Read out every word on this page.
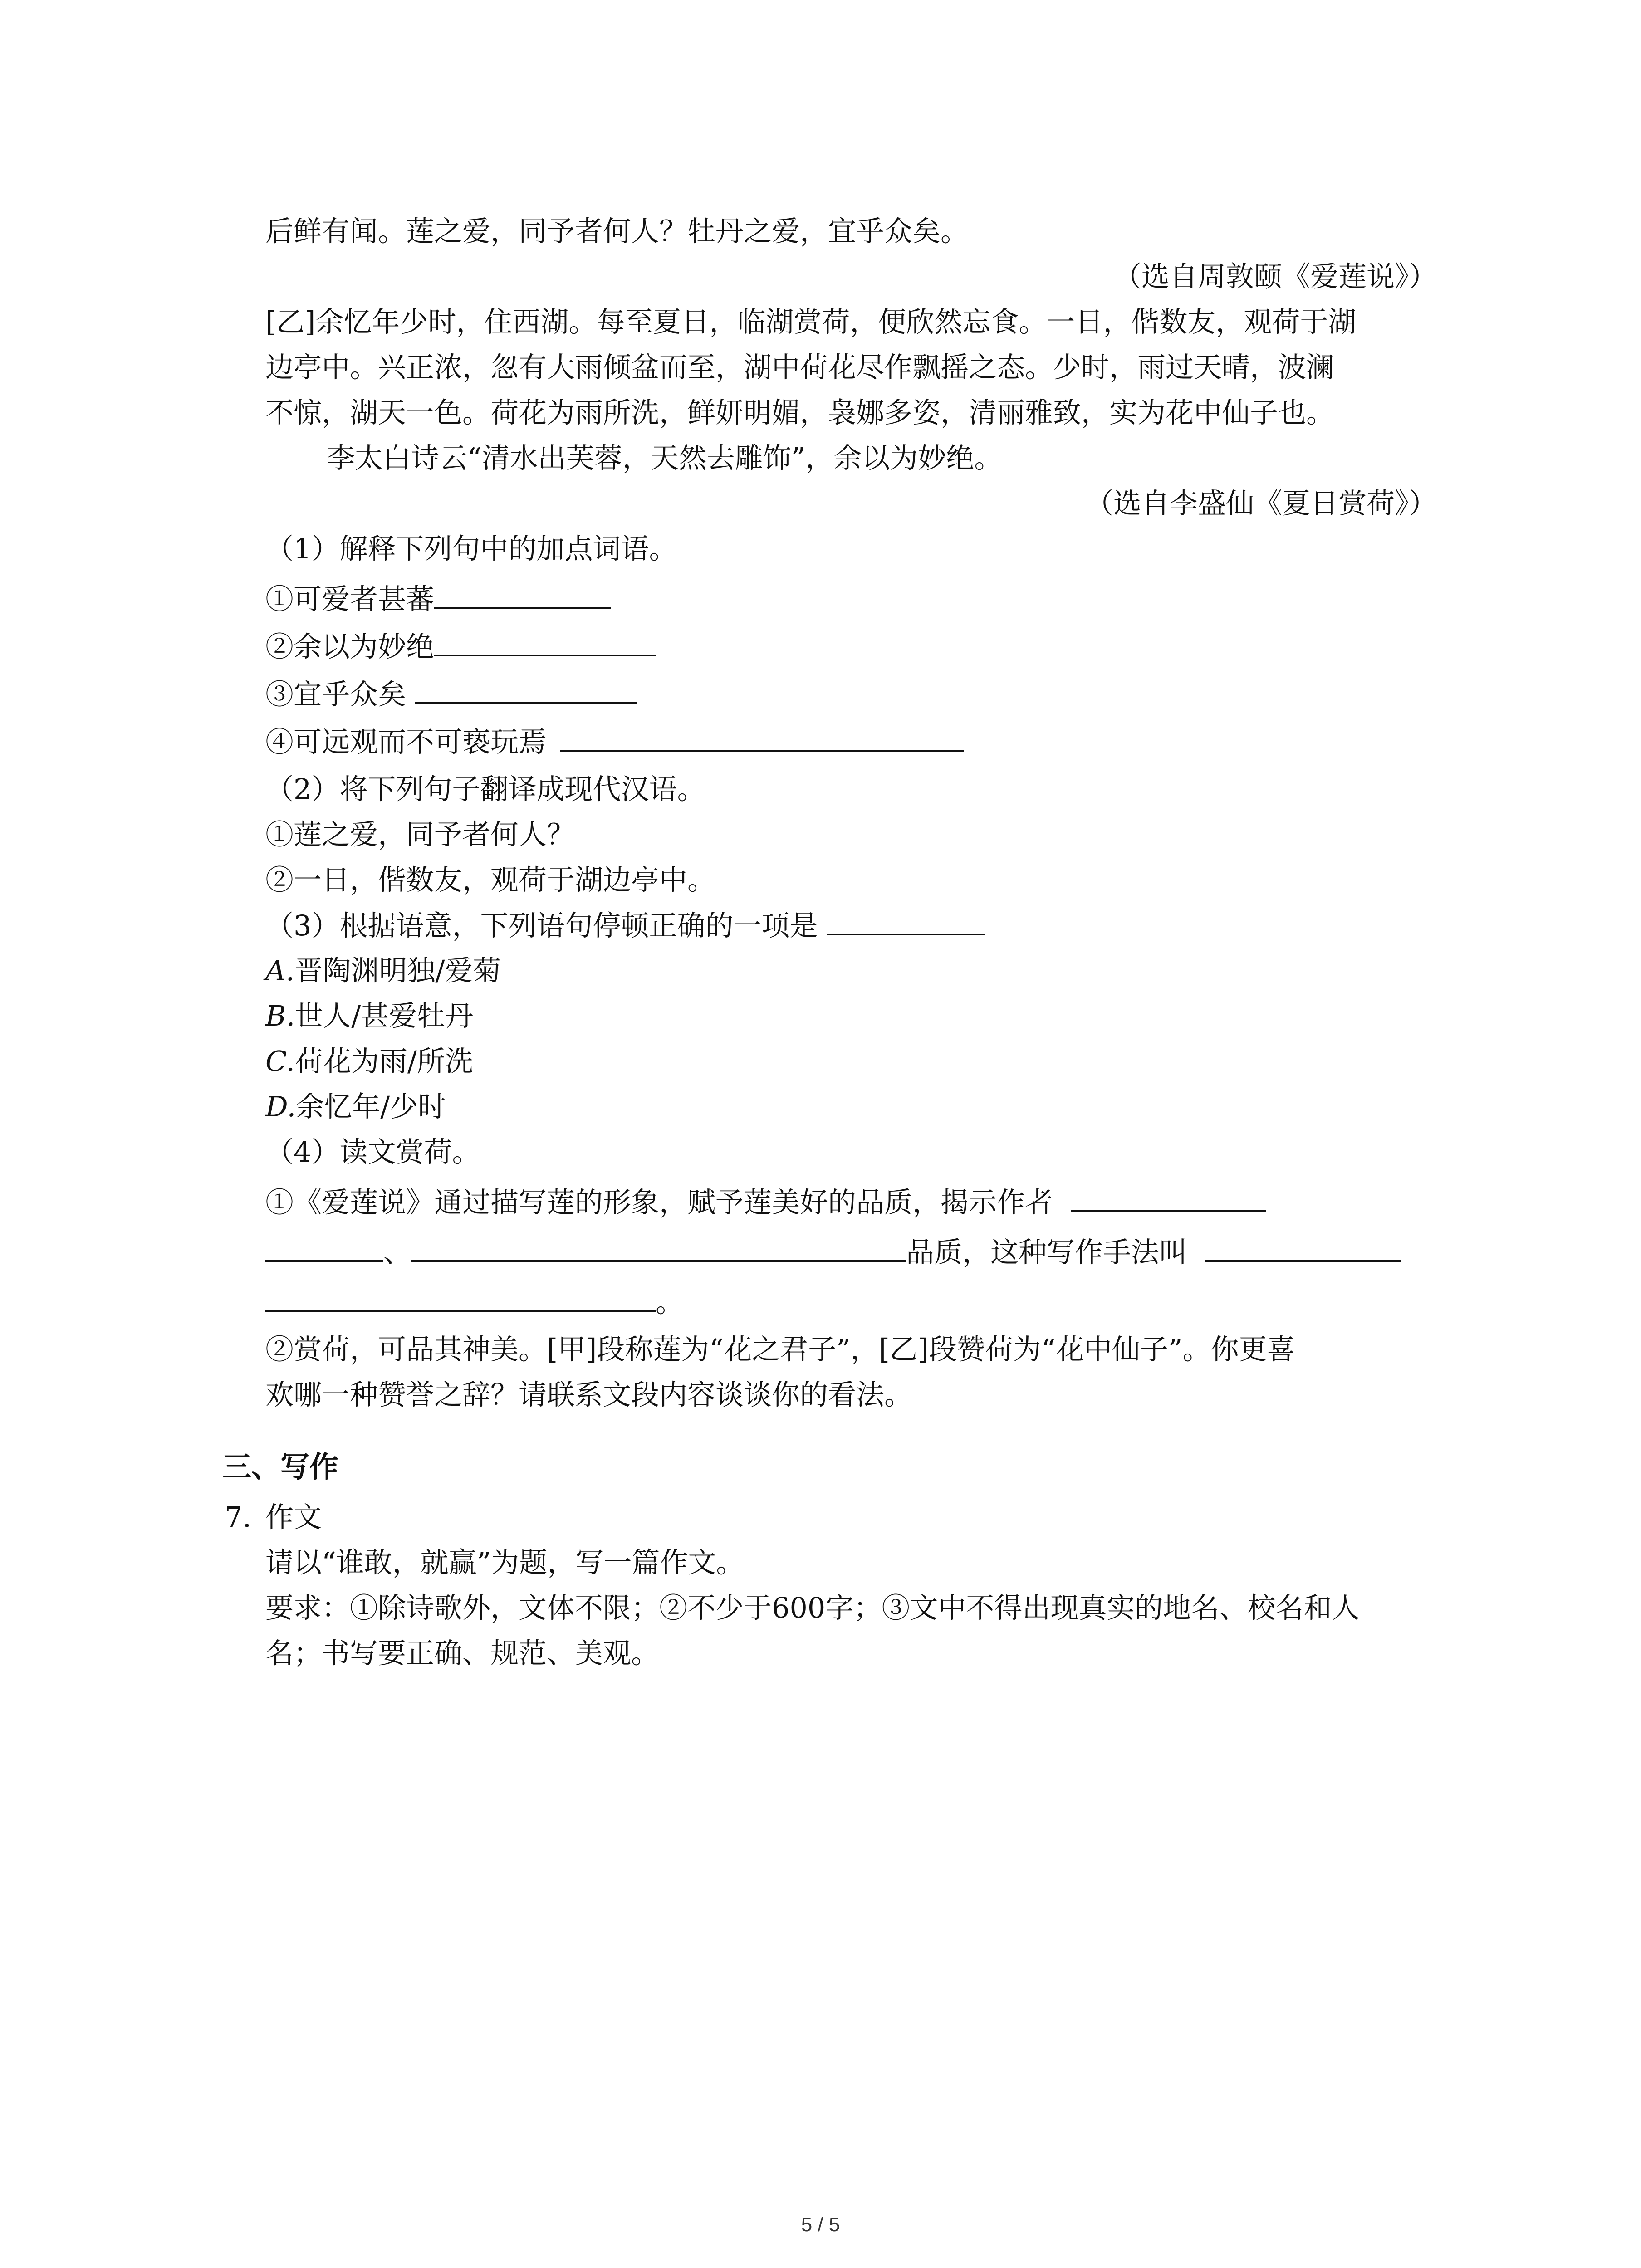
后鲜有闻。莲之爱，同予者何人？牡丹之爱，宜乎众矣。
（选自周敦颐《爱莲说》）
[乙]余忆年少时，住西湖。每至夏日，临湖赏荷，便欣然忘食。一日，偕数友，观荷于湖
边亭中。兴正浓，忽有大雨倾盆而至，湖中荷花尽作飘摇之态。少时，雨过天晴，波澜
不惊，湖天一色。荷花为雨所洗，鲜妍明媚，袅娜多姿，清丽雅致，实为花中仙子也。
李太白诗云“清水出芙蓉，天然去雕饰”，余以为妙绝。
（选自李盛仙《夏日赏荷》）
（1）解释下列句中的加点词语。
①可爱者甚蕃
②余以为妙绝
③宜乎众矣
④可远观而不可亵玩焉
（2）将下列句子翻译成现代汉语。
①莲之爱，同予者何人？
②一日，偕数友，观荷于湖边亭中。
（3）根据语意，下列语句停顿正确的一项是
A.晋陶渊明独/爱菊
B.世人/甚爱牡丹
C.荷花为雨/所洗
D.余忆年/少时
（4）读文赏荷。
①《爱莲说》通过描写莲的形象，赋予莲美好的品质，揭示作者
、	品质，这种写作手法叫
。
②赏荷，可品其神美。[甲]段称莲为“花之君子”，[乙]段赞荷为“花中仙子”。你更喜
欢哪一种赞誉之辞？请联系文段内容谈谈你的看法。
三、写作
7. 作文
请以“谁敢，就赢”为题，写一篇作文。
要求：①除诗歌外，文体不限；②不少于600字；③文中不得出现真实的地名、校名和人
名；书写要正确、规范、美观。
5 / 5
